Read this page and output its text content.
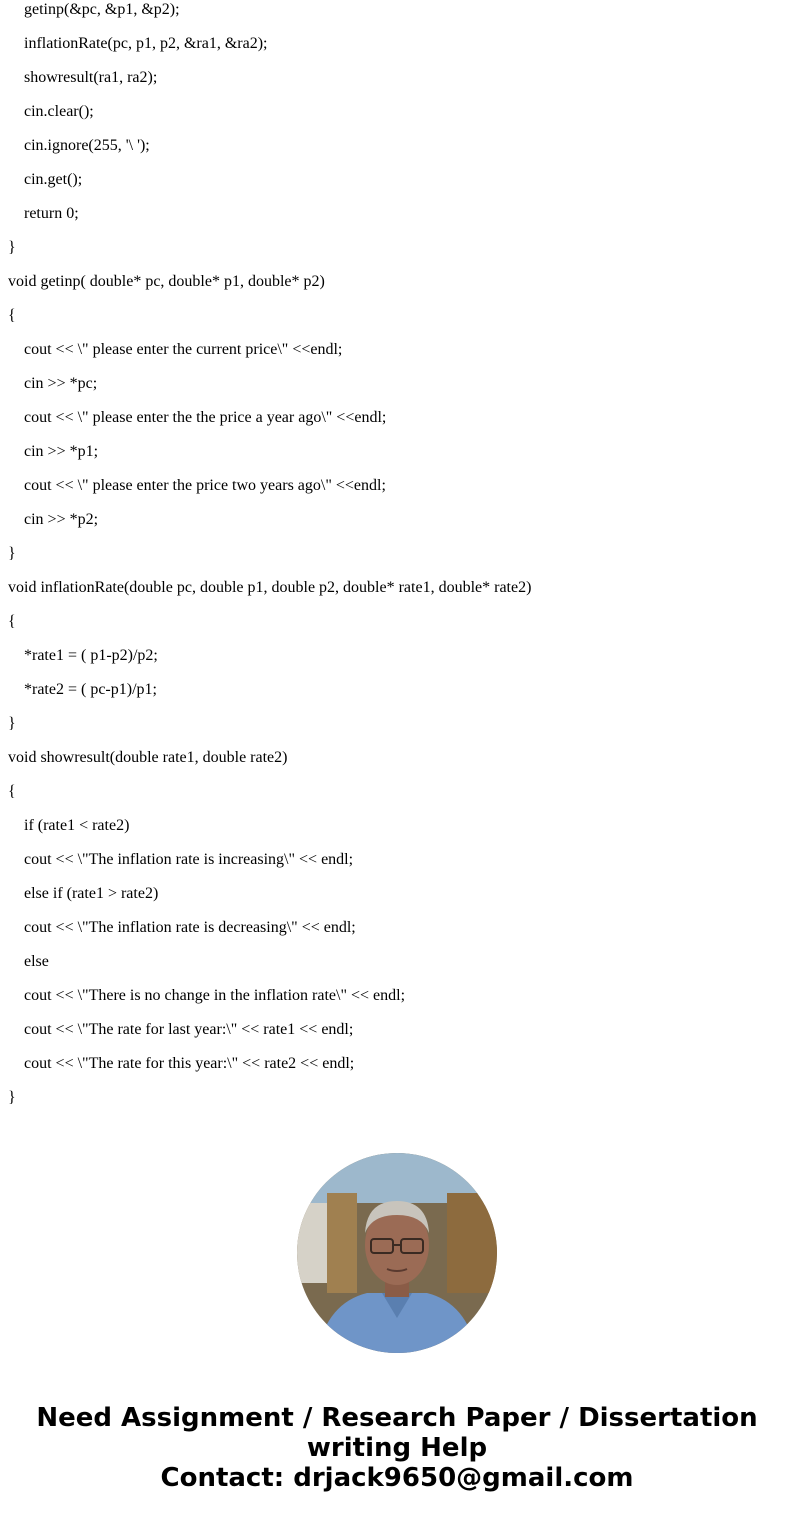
getinp(&pc, &p1, &p2);
inflationRate(pc, p1, p2, &ra1, &ra2);
showresult(ra1, ra2);
cin.clear();
cin.ignore(255, '\ ');
cin.get();
return 0;
}
void getinp( double* pc, double* p1, double* p2)
{
cout << \" please enter the current price\" <<endl;
cin >> *pc;
cout << \" please enter the the price a year ago\" <<endl;
cin >> *p1;
cout << \" please enter the price two years ago\" <<endl;
cin >> *p2;
}
void inflationRate(double pc, double p1, double p2, double* rate1, double* rate2)
{
*rate1 = ( p1-p2)/p2;
*rate2 = ( pc-p1)/p1;
}
void showresult(double rate1, double rate2)
{
if (rate1 < rate2)
cout << \"The inflation rate is increasing\" << endl;
else if (rate1 > rate2)
cout << \"The inflation rate is decreasing\" << endl;
else
cout << \"There is no change in the inflation rate\" << endl;
cout << \"The rate for last year:\" << rate1 << endl;
cout << \"The rate for this year:\" << rate2 << endl;
}
Need Assignment / Research Paper / Dissertation
writing Help
Contact: drjack9650@gmail.com
